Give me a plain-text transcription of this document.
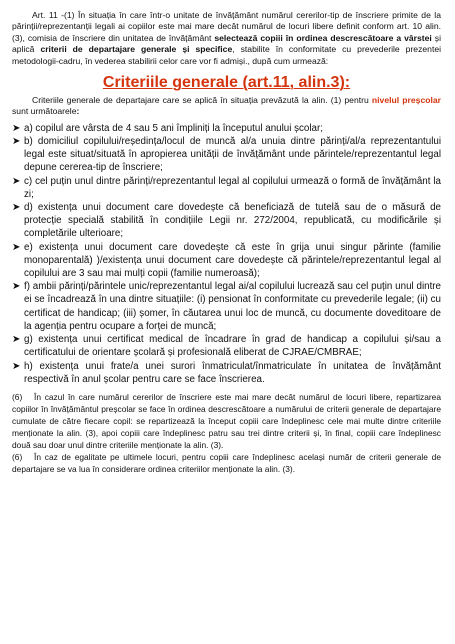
Art. 11 -(1) În situația în care într-o unitate de învățământ numărul cererilor-tip de înscriere primite de la părinții/reprezentanții legali ai copiilor este mai mare decât numărul de locuri libere definit conform art. 10 alin. (3), comisia de înscriere din unitatea de învățământ selectează copiii în ordinea descrescătoare a vârstei și aplică criterii de departajare generale și specifice, stabilite în conformitate cu prevederile prezentei metodologii-cadru, în vederea stabilirii celor care vor fi admiși., după cum urmează:

Criteriile generale (art.11, alin.3):

Criteriile generale de departajare care se aplică în situația prevăzută la alin. (1) pentru nivelul preșcolar sunt următoarele:

➤ a) copilul are vârsta de 4 sau 5 ani împliniți la începutul anului școlar;
➤ b) domiciliul copilului/reședința/locul de muncă al/a unuia dintre părinți/al/a reprezentantului legal este situat/situată în apropierea unității de învățământ unde părintele/reprezentantul legal depune cererea-tip de înscriere;
➤ c) cel puțin unul dintre părinți/reprezentantul legal al copilului urmează o formă de învățământ la zi;
➤ d) existența unui document care dovedește că beneficiază de tutelă sau de o măsură de protecție specială stabilită în condițiile Legii nr. 272/2004, republicată, cu modificările și completările ulterioare;
➤ e) existența unui document care dovedește că este în grija unui singur părinte (familie monoparentală) )/existența unui document care dovedește că părintele/reprezentantul legal al copilului are 3 sau mai mulți copii (familie numeroasă);
➤ f) ambii părinți/părintele unic/reprezentantul legal ai/al copilului lucrează sau cel puțin unul dintre ei se încadrează în una dintre situațiile: (i) pensionat în conformitate cu prevederile legale; (ii) cu certificat de handicap; (iii) șomer, în căutarea unui loc de muncă, cu documente doveditoare de la agenția pentru ocupare a forței de muncă;
➤ g) existența unui certificat medical de încadrare în grad de handicap a copilului și/sau a certificatului de orientare școlară și profesională eliberat de CJRAE/CMBRAE;
➤ h) existența unui frate/a unei surori înmatriculat/înmatriculate în unitatea de învățământ respectivă în anul școlar pentru care se face înscrierea.

(6) În cazul în care numărul cererilor de înscriere este mai mare decât numărul de locuri libere, repartizarea copiilor în învățământul preșcolar se face în ordinea descrescătoare a numărului de criterii generale de departajare cumulate de către fiecare copil: se repartizează la început copiii care îndeplinesc cele mai multe dintre criteriile menționate la alin. (3), apoi copiii care îndeplinesc patru sau trei dintre criterii și, în final, copiii care îndeplinesc două sau doar unul dintre criteriile menționate la alin. (3).

(6) În caz de egalitate pe ultimele locuri, pentru copiii care îndeplinesc același număr de criterii generale de departajare se va lua în considerare ordinea criteriilor menționate la alin. (3).
